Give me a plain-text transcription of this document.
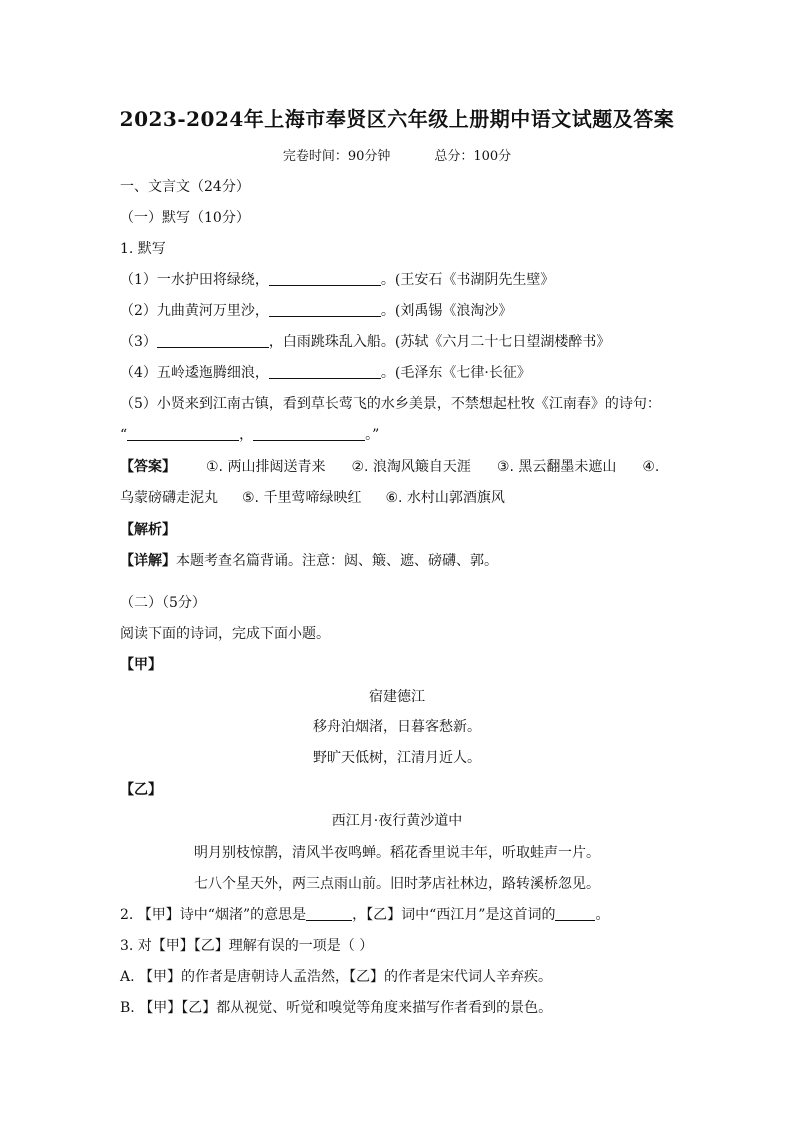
2023-2024年上海市奉贤区六年级上册期中语文试题及答案
完卷时间：90分钟	总分：100分
一、文言文（24分）
（一）默写（10分）
1. 默写
（1）一水护田将绿绕，	。(王安石《书湖阴先生壁》
（2）九曲黄河万里沙，	。(刘禹锡《浪淘沙》
（3）	，白雨跳珠乱入船。(苏轼《六月二十七日望湖楼醉书》
（4）五岭逶迤腾细浪，	。(毛泽东《七律·长征》
（5）小贤来到江南古镇，看到草长莺飞的水乡美景，不禁想起杜牧《江南春》的诗句：
“	，	。”
【答案】 ①. 两山排闼送青来 ②. 浪淘风簸自天涯 ③. 黑云翻墨未遮山 ④.
乌蒙磅礴走泥丸 ⑤. 千里莺啼绿映红 ⑥. 水村山郭酒旗风
【解析】
【详解】本题考查名篇背诵。注意：闼、簸、遮、磅礴、郭。
（二）（5分）
阅读下面的诗词，完成下面小题。
【甲】
宿建德江
移舟泊烟渚，日暮客愁新。
野旷天低树，江清月近人。
【乙】
西江月·夜行黄沙道中
明月别枝惊鹊，清风半夜鸣蝉。稻花香里说丰年，听取蛙声一片。
七八个星天外，两三点雨山前。旧时茅店社林边，路转溪桥忽见。
2. 【甲】诗中“烟渚”的意思是	，【乙】词中“西江月”是这首词的	。
3. 对【甲】【乙】理解有误的一项是（ ）
A. 【甲】的作者是唐朝诗人孟浩然，【乙】的作者是宋代词人辛弃疾。
B. 【甲】【乙】都从视觉、听觉和嗅觉等角度来描写作者看到的景色。
